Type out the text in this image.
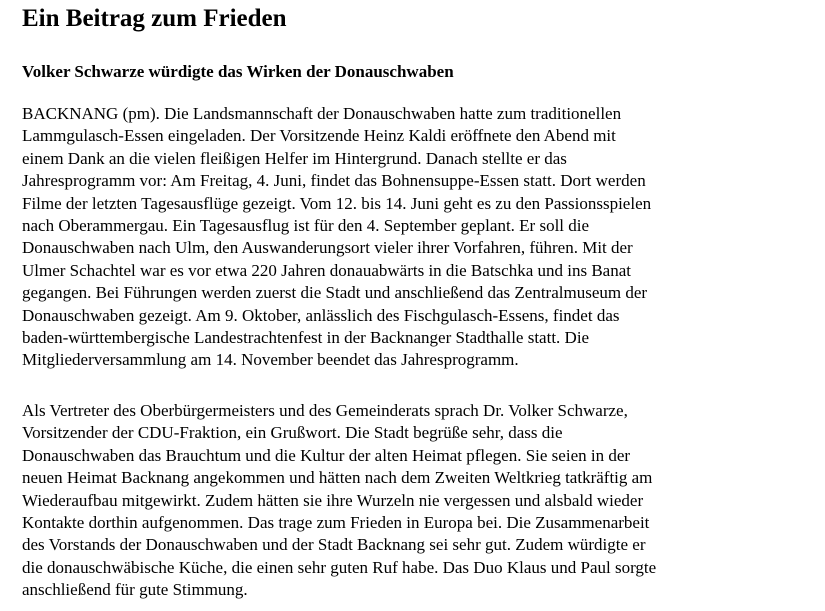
Ein Beitrag zum Frieden
Volker Schwarze würdigte das Wirken der Donauschwaben
BACKNANG (pm). Die Landsmannschaft der Donauschwaben hatte zum traditionellen
Lammgulasch-Essen eingeladen. Der Vorsitzende Heinz Kaldi eröffnete den Abend mit
einem Dank an die vielen fleißigen Helfer im Hintergrund. Danach stellte er das
Jahresprogramm vor: Am Freitag, 4. Juni, findet das Bohnensuppe-Essen statt. Dort werden
Filme der letzten Tagesausflüge gezeigt. Vom 12. bis 14. Juni geht es zu den Passionsspielen
nach Oberammergau. Ein Tagesausflug ist für den 4. September geplant. Er soll die
Donauschwaben nach Ulm, den Auswanderungsort vieler ihrer Vorfahren, führen. Mit der
Ulmer Schachtel war es vor etwa 220 Jahren donauabwärts in die Batschka und ins Banat
gegangen. Bei Führungen werden zuerst die Stadt und anschließend das Zentralmuseum der
Donauschwaben gezeigt. Am 9. Oktober, anlässlich des Fischgulasch-Essens, findet das
baden-württembergische Landestrachtenfest in der Backnanger Stadthalle statt. Die
Mitgliederversammlung am 14. November beendet das Jahresprogramm.
Als Vertreter des Oberbürgermeisters und des Gemeinderats sprach Dr. Volker Schwarze,
Vorsitzender der CDU-Fraktion, ein Grußwort. Die Stadt begrüße sehr, dass die
Donauschwaben das Brauchtum und die Kultur der alten Heimat pflegen. Sie seien in der
neuen Heimat Backnang angekommen und hätten nach dem Zweiten Weltkrieg tatkräftig am
Wiederaufbau mitgewirkt. Zudem hätten sie ihre Wurzeln nie vergessen und alsbald wieder
Kontakte dorthin aufgenommen. Das trage zum Frieden in Europa bei. Die Zusammenarbeit
des Vorstands der Donauschwaben und der Stadt Backnang sei sehr gut. Zudem würdigte er
die donauschwäbische Küche, die einen sehr guten Ruf habe. Das Duo Klaus und Paul sorgte
anschließend für gute Stimmung.
